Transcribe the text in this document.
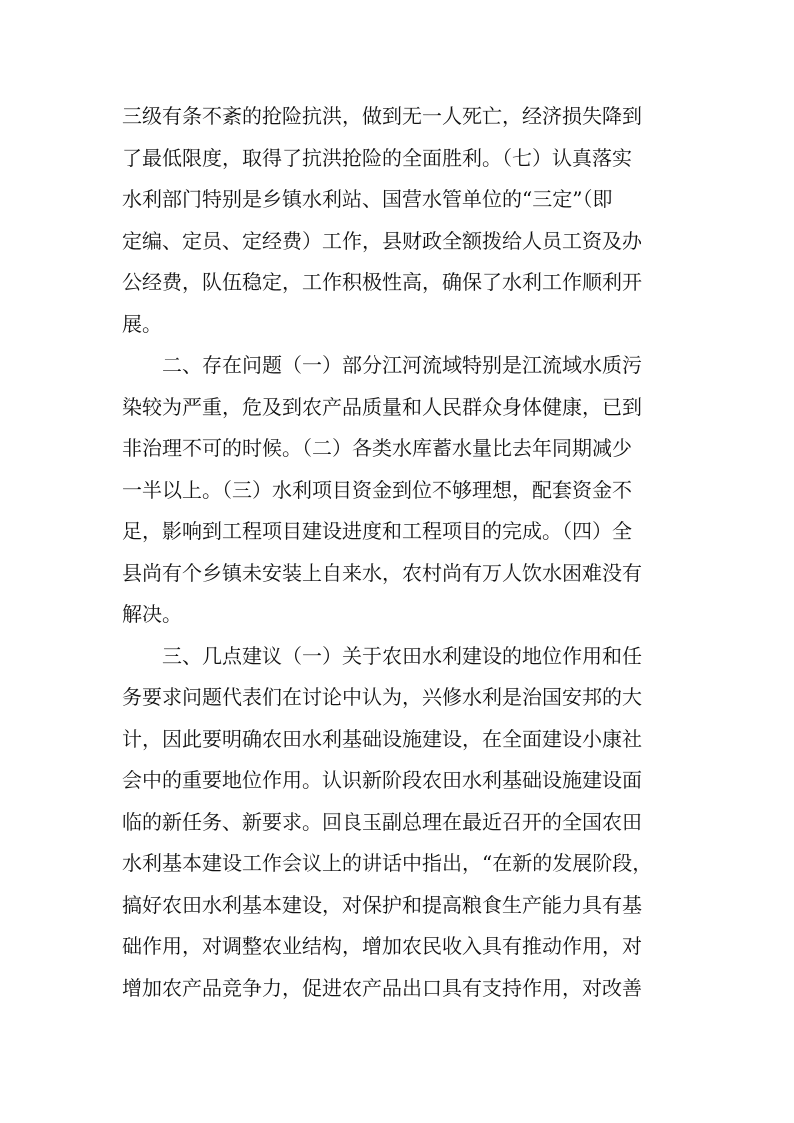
三级有条不紊的抢险抗洪，做到无一人死亡，经济损失降到
了最低限度，取得了抗洪抢险的全面胜利。（七）认真落实
水利部门特别是乡镇水利站、国营水管单位的“三定”（即
定编、定员、定经费）工作，县财政全额拨给人员工资及办
公经费，队伍稳定，工作积极性高，确保了水利工作顺利开
展。
二、存在问题（一）部分江河流域特别是江流域水质污
染较为严重，危及到农产品质量和人民群众身体健康，已到
非治理不可的时候。（二）各类水库蓄水量比去年同期减少
一半以上。（三）水利项目资金到位不够理想，配套资金不
足，影响到工程项目建设进度和工程项目的完成。（四）全
县尚有个乡镇未安装上自来水，农村尚有万人饮水困难没有
解决。
三、几点建议（一）关于农田水利建设的地位作用和任
务要求问题代表们在讨论中认为，兴修水利是治国安邦的大
计，因此要明确农田水利基础设施建设，在全面建设小康社
会中的重要地位作用。认识新阶段农田水利基础设施建设面
临的新任务、新要求。回良玉副总理在最近召开的全国农田
水利基本建设工作会议上的讲话中指出，“在新的发展阶段，
搞好农田水利基本建设，对保护和提高粮食生产能力具有基
础作用，对调整农业结构，增加农民收入具有推动作用，对
增加农产品竞争力，促进农产品出口具有支持作用，对改善
